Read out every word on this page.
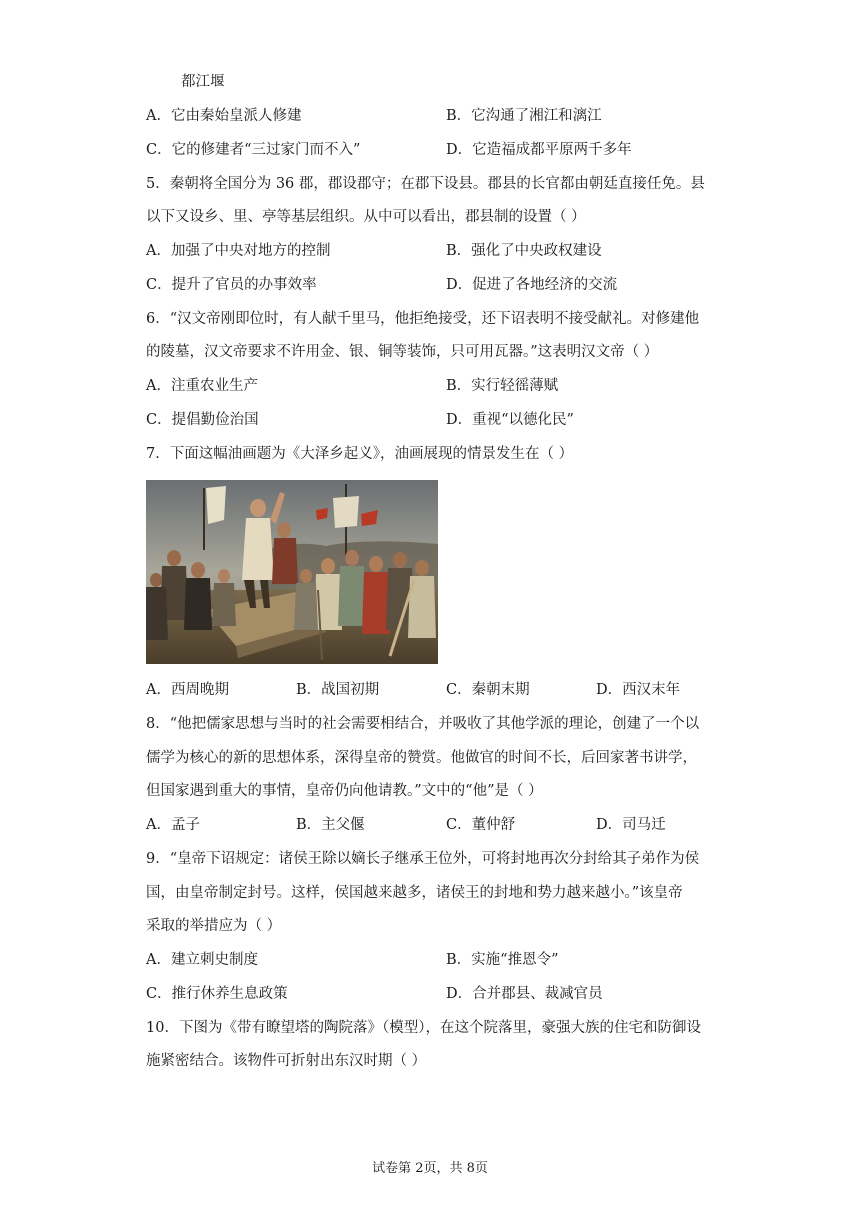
都江堰
A．它由秦始皇派人修建	B．它沟通了湘江和漓江
C．它的修建者“三过家门而不入”	D．它造福成都平原两千多年
5．秦朝将全国分为 36 郡，郡设郡守；在郡下设县。郡县的长官都由朝廷直接任免。县
以下又设乡、里、亭等基层组织。从中可以看出，郡县制的设置（ ）
A．加强了中央对地方的控制	B．强化了中央政权建设
C．提升了官员的办事效率	D．促进了各地经济的交流
6．“汉文帝刚即位时，有人献千里马，他拒绝接受，还下诏表明不接受献礼。对修建他
的陵墓，汉文帝要求不许用金、银、铜等装饰，只可用瓦器。”这表明汉文帝（ ）
A．注重农业生产	B．实行轻徭薄赋
C．提倡勤俭治国	D．重视“以德化民”
7．下面这幅油画题为《大泽乡起义》，油画展现的情景发生在（ ）
A．西周晚期	B．战国初期	C．秦朝末期	D．西汉末年
8．“他把儒家思想与当时的社会需要相结合，并吸收了其他学派的理论，创建了一个以
儒学为核心的新的思想体系，深得皇帝的赞赏。他做官的时间不长，后回家著书讲学，
但国家遇到重大的事情，皇帝仍向他请教。”文中的“他”是（ ）
A．孟子	B．主父偃	C．董仲舒	D．司马迁
9．“皇帝下诏规定：诸侯王除以嫡长子继承王位外，可将封地再次分封给其子弟作为侯
国，由皇帝制定封号。这样，侯国越来越多，诸侯王的封地和势力越来越小。”该皇帝
采取的举措应为（ ）
A．建立刺史制度	B．实施“推恩令”
C．推行休养生息政策	D．合并郡县、裁减官员
10．下图为《带有瞭望塔的陶院落》（模型），在这个院落里，豪强大族的住宅和防御设
施紧密结合。该物件可折射出东汉时期（ ）
试卷第 2页，共 8页
